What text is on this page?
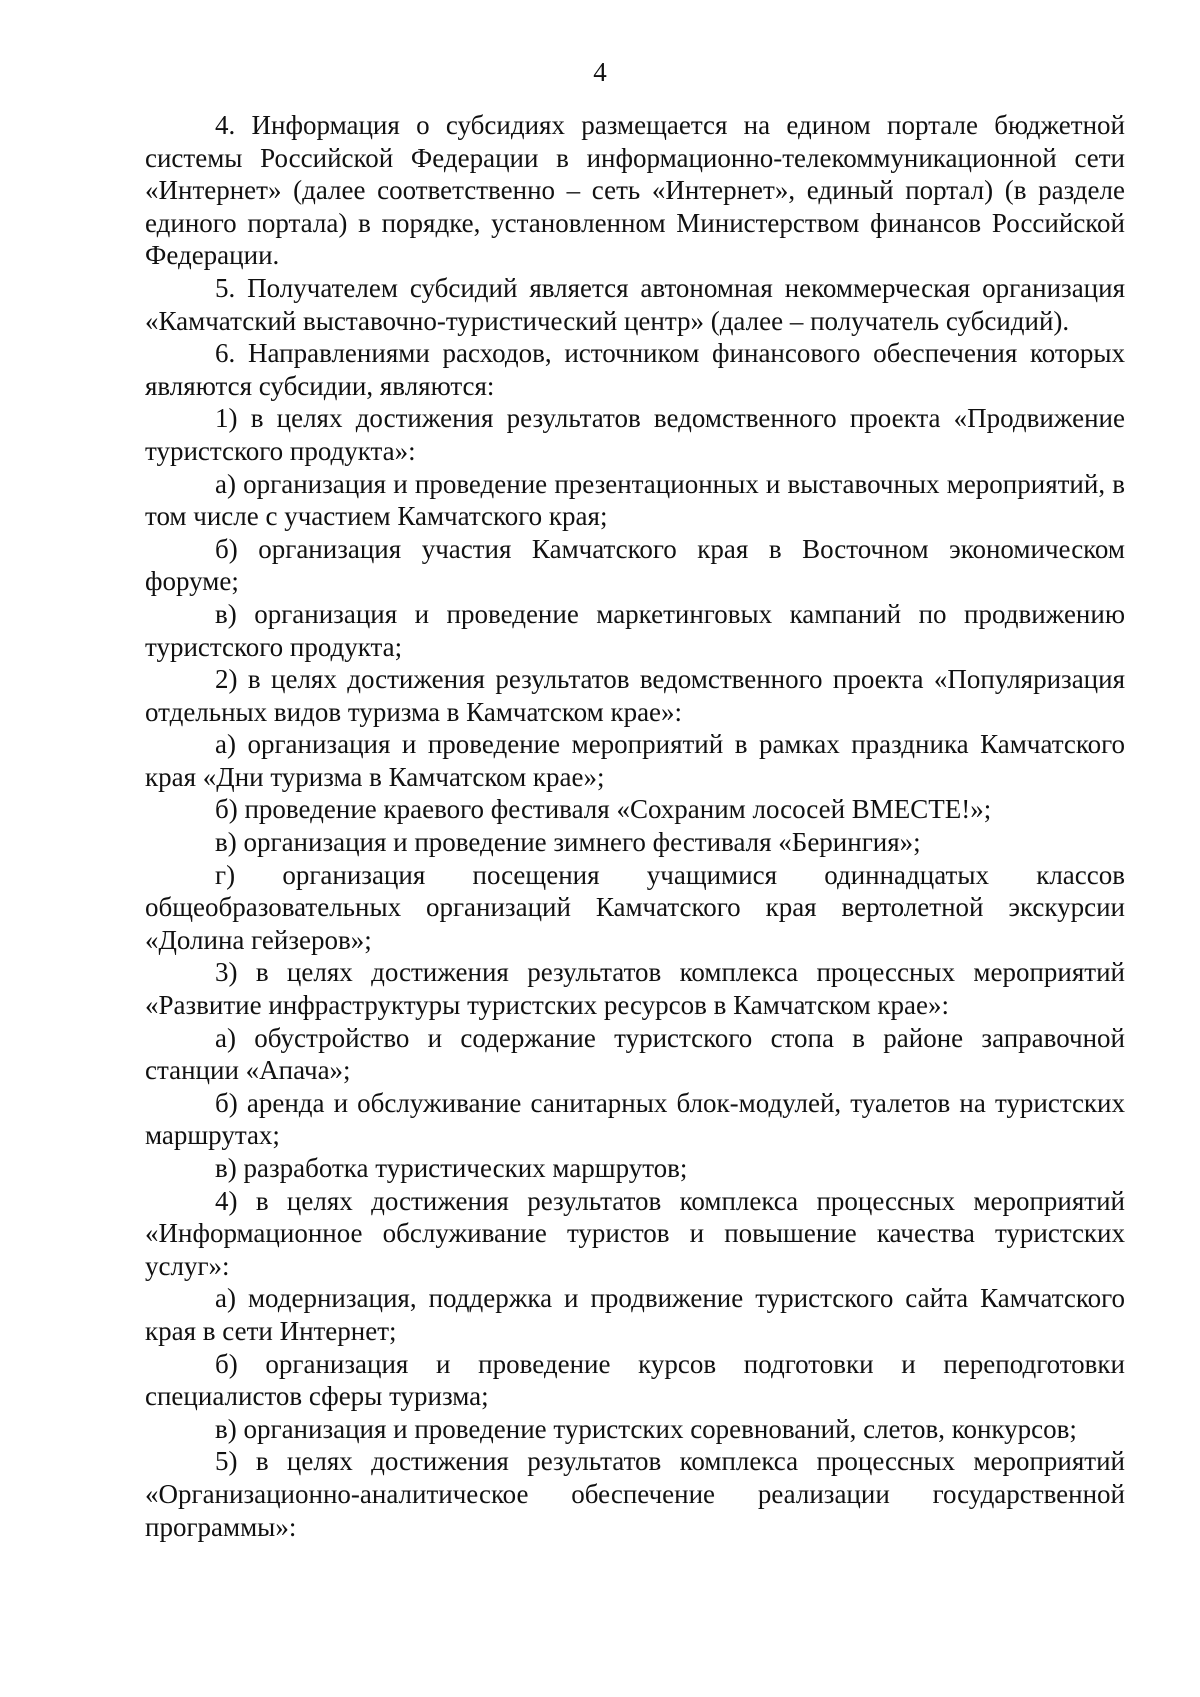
4

4. Информация о субсидиях размещается на едином портале бюджетной системы Российской Федерации в информационно-телекоммуникационной сети «Интернет» (далее соответственно – сеть «Интернет», единый портал) (в разделе единого портала) в порядке, установленном Министерством финансов Российской Федерации.

5. Получателем субсидий является автономная некоммерческая организация «Камчатский выставочно-туристический центр» (далее – получатель субсидий).

6. Направлениями расходов, источником финансового обеспечения которых являются субсидии, являются:

1) в целях достижения результатов ведомственного проекта «Продвижение туристского продукта»:

а) организация и проведение презентационных и выставочных мероприятий, в том числе с участием Камчатского края;

б) организация участия Камчатского края в Восточном экономическом форуме;

в) организация и проведение маркетинговых кампаний по продвижению туристского продукта;

2) в целях достижения результатов ведомственного проекта «Популяризация отдельных видов туризма в Камчатском крае»:

а) организация и проведение мероприятий в рамках праздника Камчатского края «Дни туризма в Камчатском крае»;

б) проведение краевого фестиваля «Сохраним лососей ВМЕСТЕ!»;

в) организация и проведение зимнего фестиваля «Берингия»;

г) организация посещения учащимися одиннадцатых классов общеобразовательных организаций Камчатского края вертолетной экскурсии «Долина гейзеров»;

3) в целях достижения результатов комплекса процессных мероприятий «Развитие инфраструктуры туристских ресурсов в Камчатском крае»:

а) обустройство и содержание туристского стопа в районе заправочной станции «Апача»;

б) аренда и обслуживание санитарных блок-модулей, туалетов на туристских маршрутах;

в) разработка туристических маршрутов;

4) в целях достижения результатов комплекса процессных мероприятий «Информационное обслуживание туристов и повышение качества туристских услуг»:

а) модернизация, поддержка и продвижение туристского сайта Камчатского края в сети Интернет;

б) организация и проведение курсов подготовки и переподготовки специалистов сферы туризма;

в) организация и проведение туристских соревнований, слетов, конкурсов;

5) в целях достижения результатов комплекса процессных мероприятий «Организационно-аналитическое обеспечение реализации государственной программы»:
